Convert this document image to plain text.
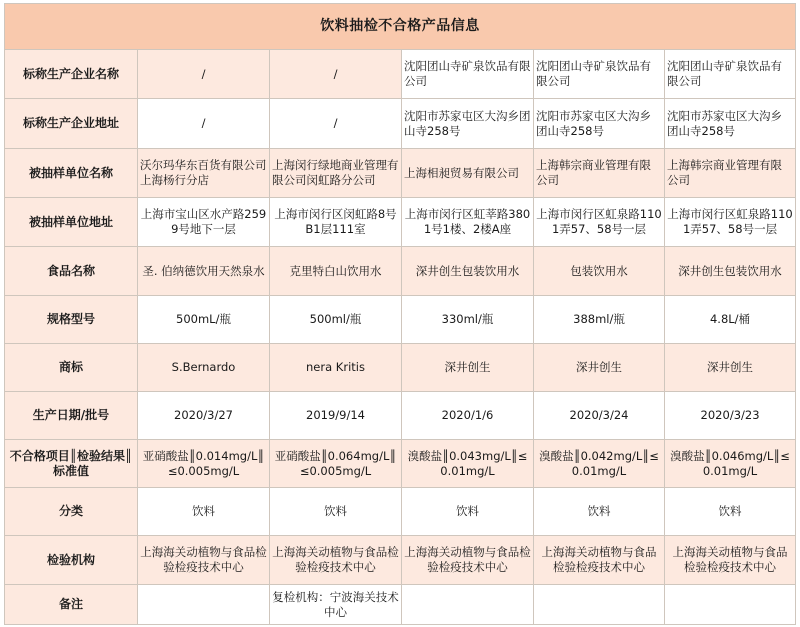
饮料抽检不合格产品信息					
标称生产企业名称	/	/	沈阳团山寺矿泉饮品有限公司	沈阳团山寺矿泉饮品有限公司	沈阳团山寺矿泉饮品有限公司
标称生产企业地址	/	/	沈阳市苏家屯区大沟乡团山寺258号	沈阳市苏家屯区大沟乡团山寺258号	沈阳市苏家屯区大沟乡团山寺258号
被抽样单位名称	沃尔玛华东百货有限公司上海杨行分店	上海闵行绿地商业管理有限公司闵虹路分公司	上海相昶贸易有限公司	上海韩宗商业管理有限公司	上海韩宗商业管理有限公司
被抽样单位地址	上海市宝山区水产路2599号地下一层	上海市闵行区闵虹路8号B1层111室	上海市闵行区虹莘路3801号1楼、2楼A座	上海市闵行区虹泉路1101弄57、58号一层	上海市闵行区虹泉路1101弄57、58号一层
食品名称	圣. 伯纳德饮用天然泉水	克里特白山饮用水	深井创生包装饮用水	包装饮用水	深井创生包装饮用水
规格型号	500mL/瓶	500ml/瓶	330ml/瓶	388ml/瓶	4.8L/桶
商标	S.Bernardo	nera Kritis	深井创生	深井创生	深井创生
生产日期/批号	2020/3/27	2019/9/14	2020/1/6	2020/3/24	2020/3/23
不合格项目║检验结果║标准值	亚硝酸盐║0.014mg/L║≤0.005mg/L	亚硝酸盐║0.064mg/L║≤0.005mg/L	溴酸盐║0.043mg/L║≤0.01mg/L	溴酸盐║0.042mg/L║≤0.01mg/L	溴酸盐║0.046mg/L║≤0.01mg/L
分类	饮料	饮料	饮料	饮料	饮料
检验机构	上海海关动植物与食品检验检疫技术中心	上海海关动植物与食品检验检疫技术中心	上海海关动植物与食品检验检疫技术中心	上海海关动植物与食品检验检疫技术中心	上海海关动植物与食品检验检疫技术中心
备注		复检机构：宁波海关技术中心			
